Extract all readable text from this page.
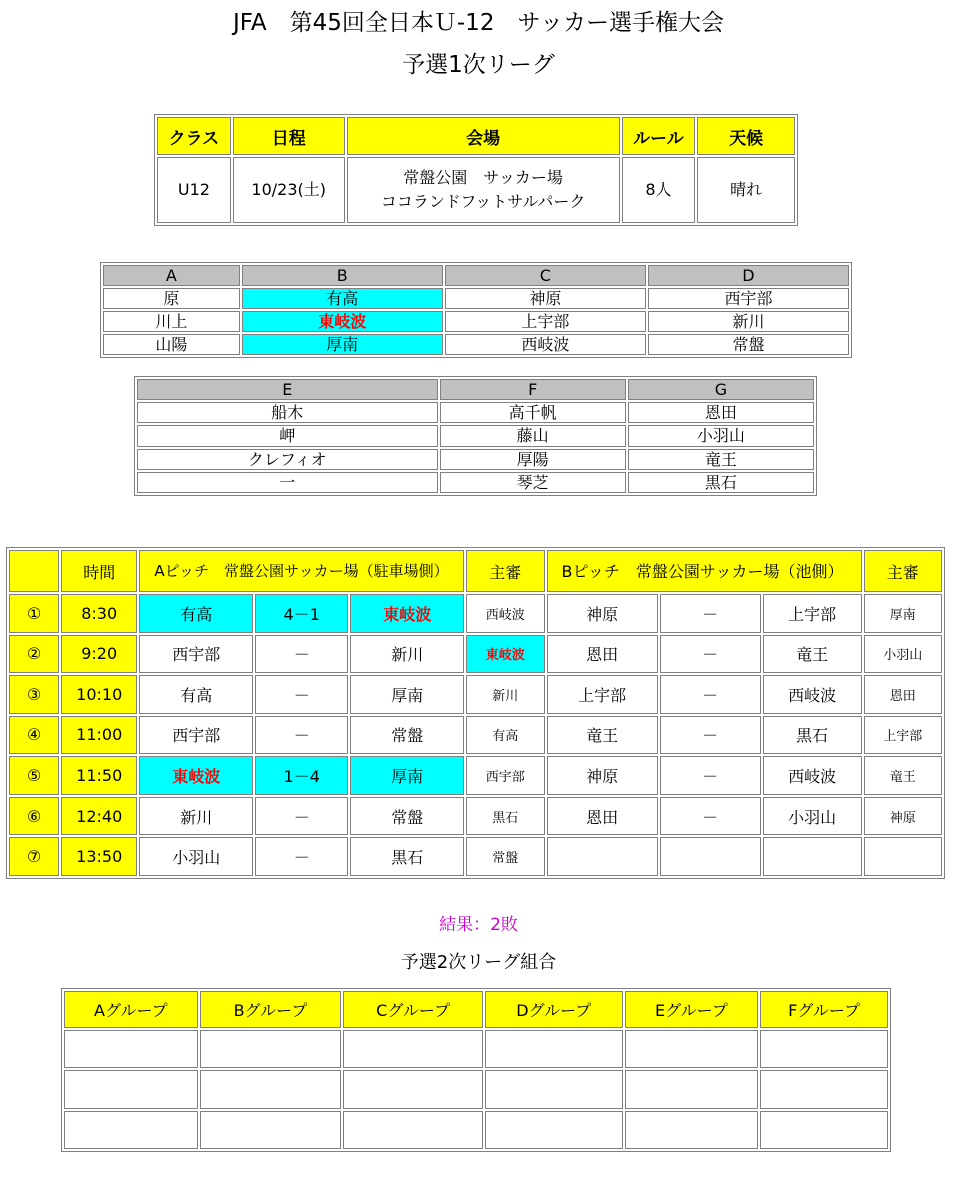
JFA　第45回全日本Ｕ-12　サッカー選手権大会
予選1次リーグ
クラス	日程	会場	ルール	天候
U12	10/23(土)	常盤公園　サッカー場
ココランドフットサルパーク	8人	晴れ
A	B	C	D
原	有高	神原	西宇部
川上	東岐波	上宇部	新川
山陽	厚南	西岐波	常盤
E	F	G
船木	高千帆	恩田
岬	藤山	小羽山
クレフィオ	厚陽	竜王
一	琴芝	黒石
	時間	Aピッチ　常盤公園サッカー場（駐車場側）			主審	Bピッチ　常盤公園サッカー場（池側）			主審
①	8:30	有高	4－1	東岐波	西岐波	神原	－	上宇部	厚南
②	9:20	西宇部	－	新川	東岐波	恩田	－	竜王	小羽山
③	10:10	有高	－	厚南	新川	上宇部	－	西岐波	恩田
④	11:00	西宇部	－	常盤	有高	竜王	－	黒石	上宇部
⑤	11:50	東岐波	1－4	厚南	西宇部	神原	－	西岐波	竜王
⑥	12:40	新川	－	常盤	黒石	恩田	－	小羽山	神原
⑦	13:50	小羽山	－	黒石	常盤				
結果：2敗
予選2次リーグ組合
Aグループ	Bグループ	Cグループ	Dグループ	Eグループ	Fグループ
